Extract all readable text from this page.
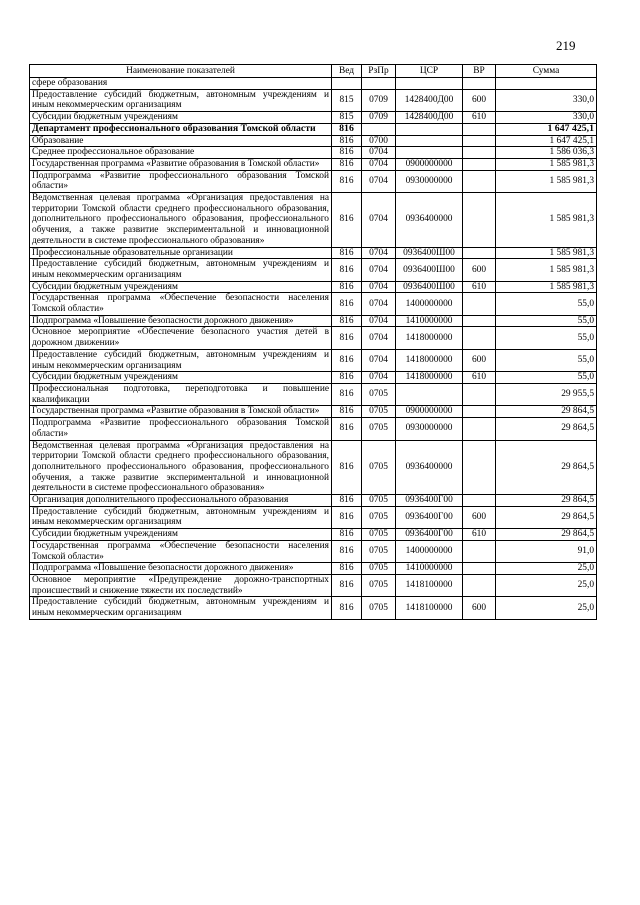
219
Наименование показателей	Вед	РзПр	ЦСР	ВР	Сумма
сфере образования					
Предоставление субсидий бюджетным, автономным учреждениям и иным некоммерческим организациям	815	0709	1428400Д00	600	330,0
Субсидии бюджетным учреждениям	815	0709	1428400Д00	610	330,0
Департамент профессионального образования Томской области	816				1 647 425,1
Образование	816	0700			1 647 425,1
Среднее профессиональное образование	816	0704			1 586 036,3
Государственная программа «Развитие образования в Томской области»	816	0704	0900000000		1 585 981,3
Подпрограмма «Развитие профессионального образования Томской области»	816	0704	0930000000		1 585 981,3
Ведомственная целевая программа «Организация предоставления на территории Томской области среднего профессионального образования, дополнительного профессионального образования, профессионального обучения, а также развитие экспериментальной и инновационной деятельности в системе профессионального образования»	816	0704	0936400000		1 585 981,3
Профессиональные образовательные организации	816	0704	0936400Ш00		1 585 981,3
Предоставление субсидий бюджетным, автономным учреждениям и иным некоммерческим организациям	816	0704	0936400Ш00	600	1 585 981,3
Субсидии бюджетным учреждениям	816	0704	0936400Ш00	610	1 585 981,3
Государственная программа «Обеспечение безопасности населения Томской области»	816	0704	1400000000		55,0
Подпрограмма «Повышение безопасности дорожного движения»	816	0704	1410000000		55,0
Основное мероприятие «Обеспечение безопасного участия детей в дорожном движении»	816	0704	1418000000		55,0
Предоставление субсидий бюджетным, автономным учреждениям и иным некоммерческим организациям	816	0704	1418000000	600	55,0
Субсидии бюджетным учреждениям	816	0704	1418000000	610	55,0
Профессиональная подготовка, переподготовка и повышение квалификации	816	0705			29 955,5
Государственная программа «Развитие образования в Томской области»	816	0705	0900000000		29 864,5
Подпрограмма «Развитие профессионального образования Томской области»	816	0705	0930000000		29 864,5
Ведомственная целевая программа «Организация предоставления на территории Томской области среднего профессионального образования, дополнительного профессионального образования, профессионального обучения, а также развитие экспериментальной и инновационной деятельности в системе профессионального образования»	816	0705	0936400000		29 864,5
Организация дополнительного профессионального образования	816	0705	0936400Г00		29 864,5
Предоставление субсидий бюджетным, автономным учреждениям и иным некоммерческим организациям	816	0705	0936400Г00	600	29 864,5
Субсидии бюджетным учреждениям	816	0705	0936400Г00	610	29 864,5
Государственная программа «Обеспечение безопасности населения Томской области»	816	0705	1400000000		91,0
Подпрограмма «Повышение безопасности дорожного движения»	816	0705	1410000000		25,0
Основное мероприятие «Предупреждение дорожно-транспортных происшествий и снижение тяжести их последствий»	816	0705	1418100000		25,0
Предоставление субсидий бюджетным, автономным учреждениям и иным некоммерческим организациям	816	0705	1418100000	600	25,0
